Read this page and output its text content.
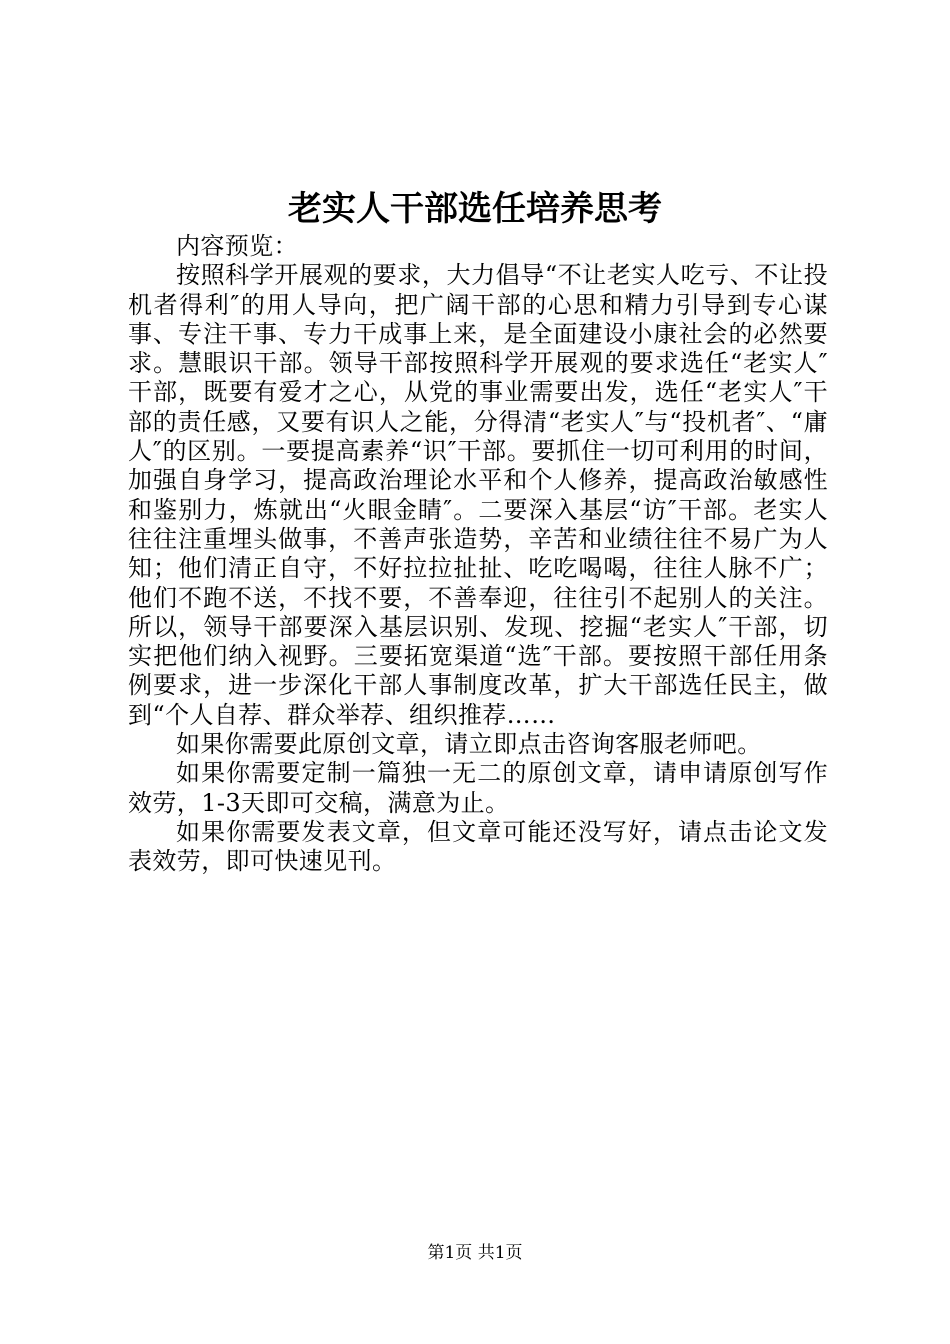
老实人干部选任培养思考

内容预览：

按照科学开展观的要求，大力倡导“不让老实人吃亏、不让投机者得利″的用人导向，把广阔干部的心思和精力引导到专心谋事、专注干事、专力干成事上来，是全面建设小康社会的必然要求。慧眼识干部。领导干部按照科学开展观的要求选任“老实人″干部，既要有爱才之心，从党的事业需要出发，选任“老实人″干部的责任感，又要有识人之能，分得清“老实人″与“投机者″、“庸人″的区别。一要提高素养“识″干部。要抓住一切可利用的时间，加强自身学习，提高政治理论水平和个人修养，提高政治敏感性和鉴别力，炼就出“火眼金睛″。二要深入基层“访″干部。老实人往往注重埋头做事，不善声张造势，辛苦和业绩往往不易广为人知；他们清正自守，不好拉拉扯扯、吃吃喝喝，往往人脉不广；他们不跑不送，不找不要，不善奉迎，往往引不起别人的关注。所以，领导干部要深入基层识别、发现、挖掘“老实人″干部，切实把他们纳入视野。三要拓宽渠道“选″干部。要按照干部任用条例要求，进一步深化干部人事制度改革，扩大干部选任民主，做到“个人自荐、群众举荐、组织推荐……

如果你需要此原创文章，请立即点击咨询客服老师吧。

如果你需要定制一篇独一无二的原创文章，请申请原创写作效劳，1-3天即可交稿，满意为止。

如果你需要发表文章，但文章可能还没写好，请点击论文发表效劳，即可快速见刊。

第1页 共1页
